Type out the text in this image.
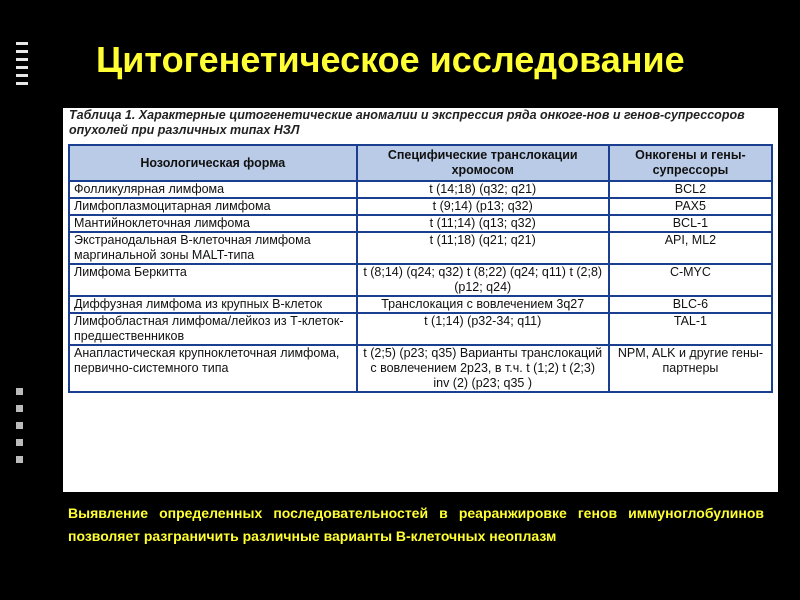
Цитогенетическое исследование
Таблица 1. Характерные цитогенетические аномалии и экспрессия ряда онкоге-нов и генов-супрессоров опухолей при различных типах НЗЛ
Нозологическая форма	Специфические транслокации хромосом	Онкогены и гены-супрессоры
Фолликулярная лимфома	t (14;18) (q32; q21)	BCL2
Лимфоплазмоцитарная лимфома	t (9;14) (p13; q32)	PAX5
Мантийноклеточная лимфома	t (11;14) (q13; q32)	BCL-1
Экстранодальная В-клеточная лимфома маргинальной зоны MALT-типа	t (11;18) (q21; q21)	API, ML2
Лимфома Беркитта	t (8;14) (q24; q32) t (8;22) (q24; q11) t (2;8) (p12; q24)	C-MYC
Диффузная лимфома из крупных В-клеток	Транслокация с вовлечением 3q27	BLC-6
Лимфобластная лимфома/лейкоз из Т-клеток-предшественников	t (1;14) (p32-34; q11)	TAL-1
Анапластическая крупноклеточная лимфома, первично-системного типа	t (2;5) (p23; q35) Варианты транслокаций с вовлечением 2p23, в т.ч. t (1;2) t (2;3) inv (2) (p23; q35 )	NPM, ALK и другие гены-партнеры

Выявление определенных последовательностей в реаранжировке генов иммуноглобулинов позволяет разграничить различные варианты В-клеточных неоплазм
